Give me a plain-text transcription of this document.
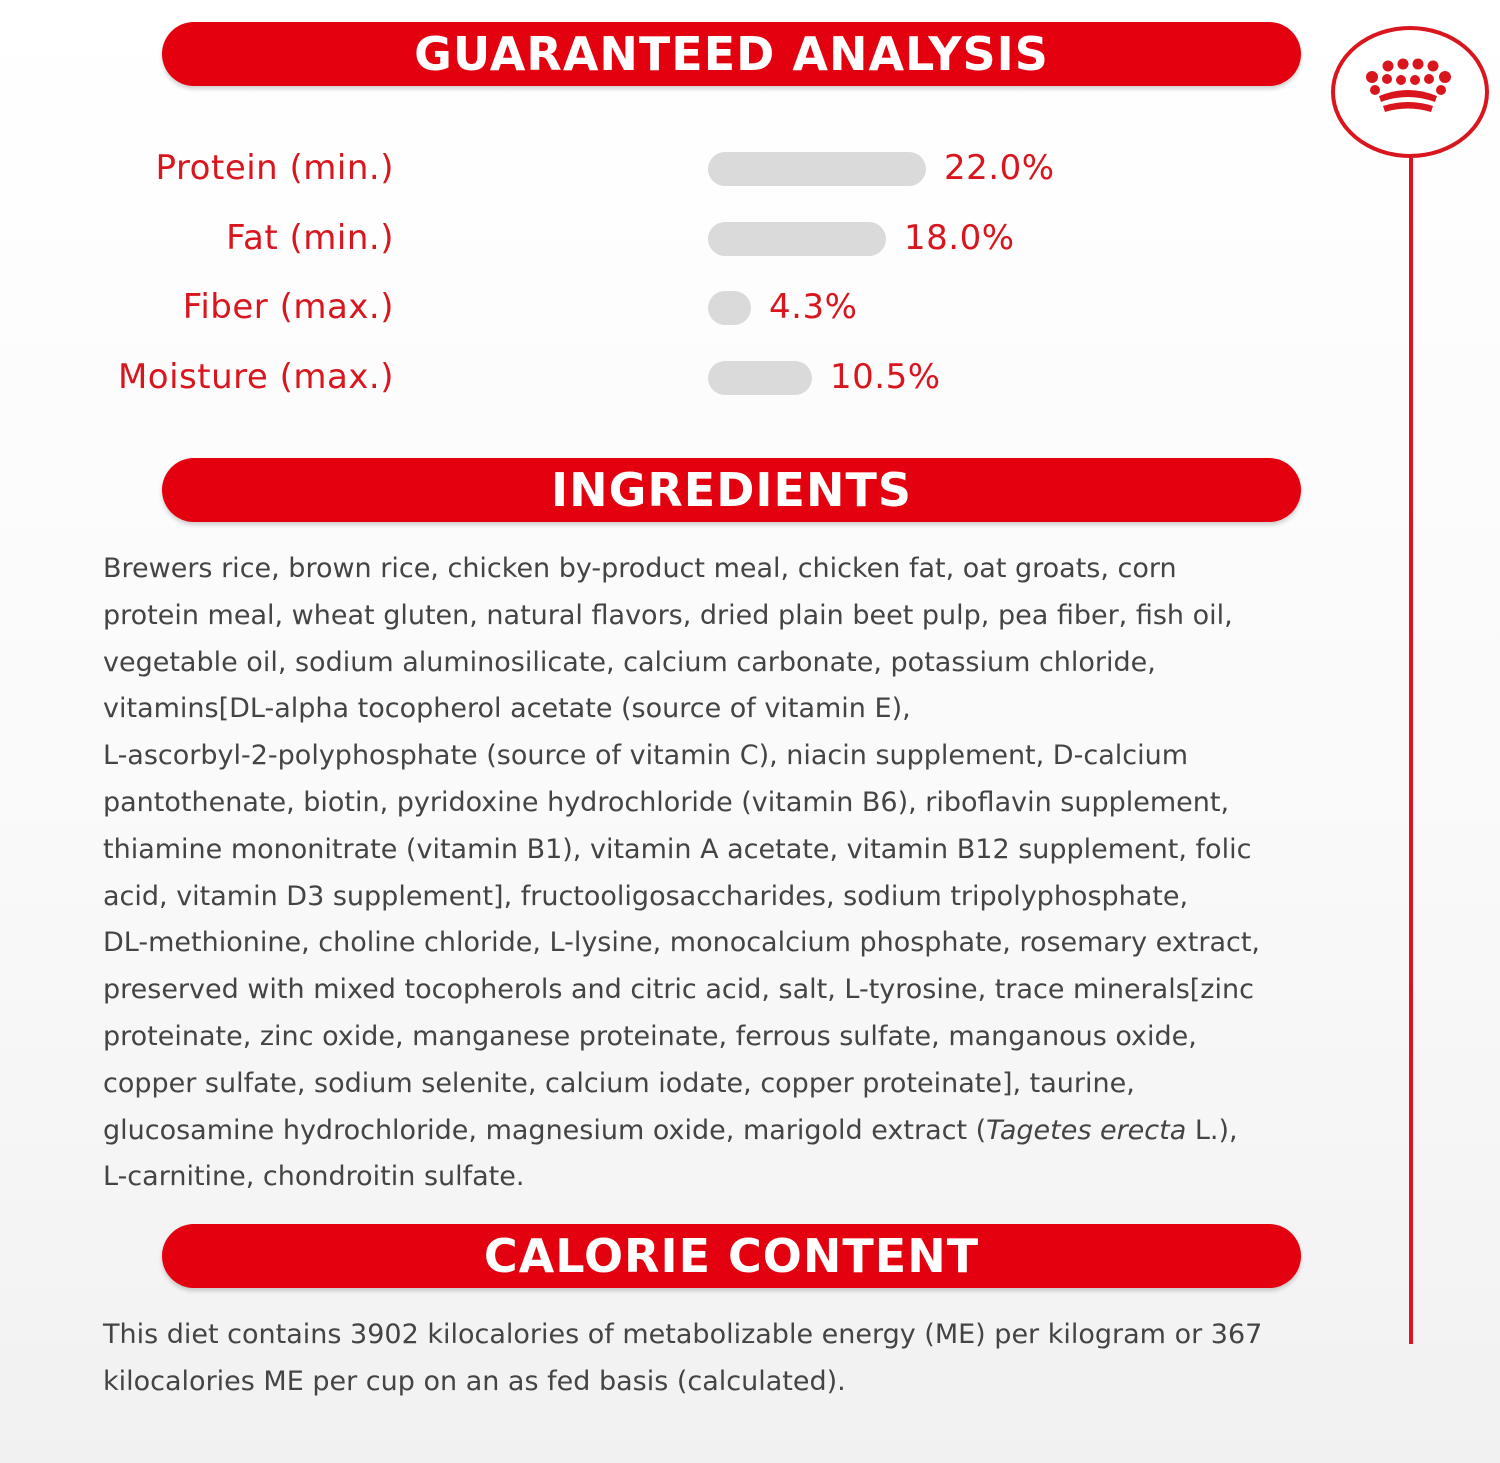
GUARANTEED ANALYSIS
Protein (min.)	22.0%
Fat (min.)	18.0%
Fiber (max.)	4.3%
Moisture (max.)	10.5%
INGREDIENTS
Brewers rice, brown rice, chicken by-product meal, chicken fat, oat groats, corn
protein meal, wheat gluten, natural flavors, dried plain beet pulp, pea fiber, fish oil,
vegetable oil, sodium aluminosilicate, calcium carbonate, potassium chloride,
vitamins[DL-alpha tocopherol acetate (source of vitamin E),
L-ascorbyl-2-polyphosphate (source of vitamin C), niacin supplement, D-calcium
pantothenate, biotin, pyridoxine hydrochloride (vitamin B6), riboflavin supplement,
thiamine mononitrate (vitamin B1), vitamin A acetate, vitamin B12 supplement, folic
acid, vitamin D3 supplement], fructooligosaccharides, sodium tripolyphosphate,
DL-methionine, choline chloride, L-lysine, monocalcium phosphate, rosemary extract,
preserved with mixed tocopherols and citric acid, salt, L-tyrosine, trace minerals[zinc
proteinate, zinc oxide, manganese proteinate, ferrous sulfate, manganous oxide,
copper sulfate, sodium selenite, calcium iodate, copper proteinate], taurine,
glucosamine hydrochloride, magnesium oxide, marigold extract (Tagetes erecta L.),
L-carnitine, chondroitin sulfate.
CALORIE CONTENT
This diet contains 3902 kilocalories of metabolizable energy (ME) per kilogram or 367
kilocalories ME per cup on an as fed basis (calculated).
